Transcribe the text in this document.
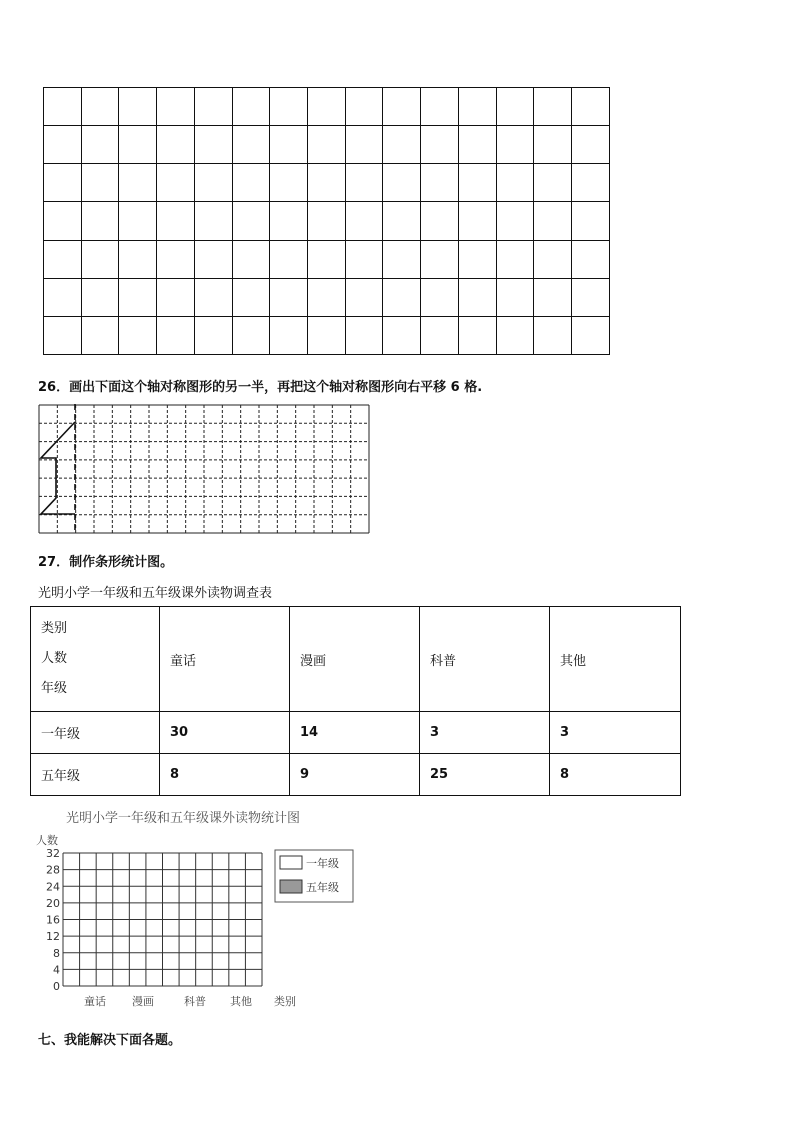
26．画出下面这个轴对称图形的另一半，再把这个轴对称图形向右平移 6 格.
27．制作条形统计图。
光明小学一年级和五年级课外读物调查表
类别
人数
年级	童话	漫画	科普	其他
一年级	30	14	3	3
五年级	8	9	25	8
光明小学一年级和五年级课外读物统计图
人数
0
4
8
12
16
20
24
28
32
童话 漫画	科普 其他 类别
一年级
五年级
七、我能解决下面各题。
